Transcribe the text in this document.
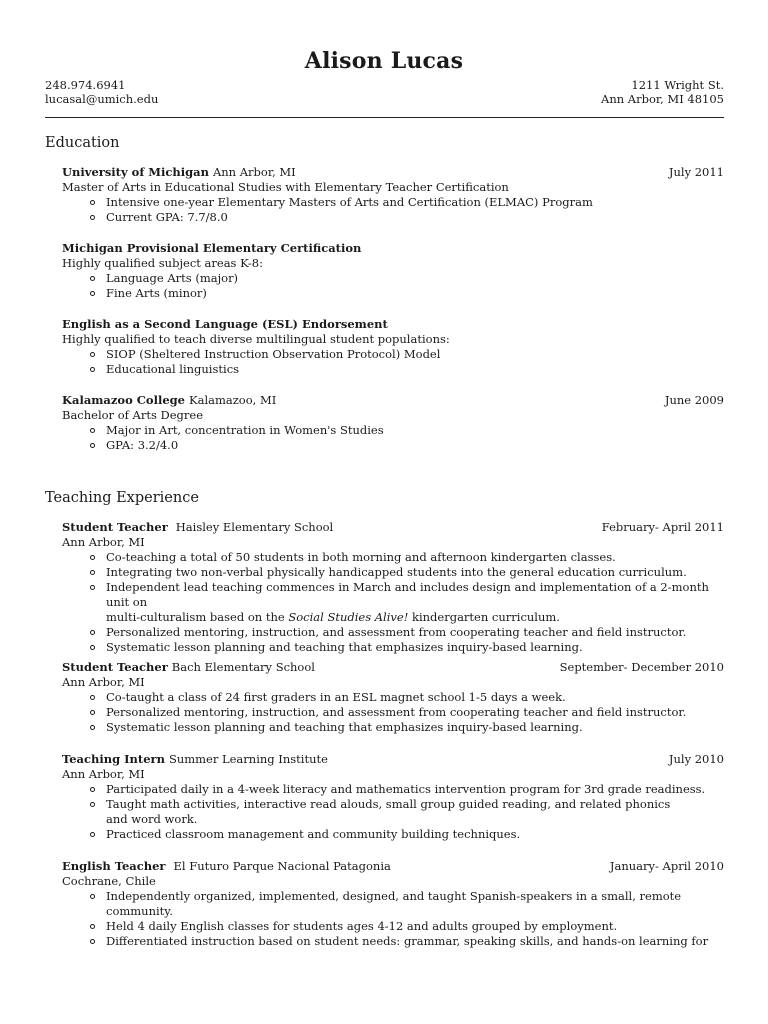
Alison Lucas
248.974.6941
lucasal@umich.edu
1211 Wright St.
Ann Arbor, MI 48105
Education
University of Michigan Ann Arbor, MI	July 2011
Master of Arts in Educational Studies with Elementary Teacher Certification
Intensive one-year Elementary Masters of Arts and Certification (ELMAC) Program
Current GPA: 7.7/8.0
Michigan Provisional Elementary Certification
Highly qualified subject areas K-8:
Language Arts (major)
Fine Arts (minor)
English as a Second Language (ESL) Endorsement
Highly qualified to teach diverse multilingual student populations:
SIOP (Sheltered Instruction Observation Protocol) Model
Educational linguistics
Kalamazoo College Kalamazoo, MI	June 2009
Bachelor of Arts Degree
Major in Art, concentration in Women's Studies
GPA: 3.2/4.0
Teaching Experience
Student Teacher Haisley Elementary School	February- April 2011
Ann Arbor, MI
Co-teaching a total of 50 students in both morning and afternoon kindergarten classes.
Integrating two non-verbal physically handicapped students into the general education curriculum.
Independent lead teaching commences in March and includes design and implementation of a 2-month unit on
multi-culturalism based on the Social Studies Alive! kindergarten curriculum.
Personalized mentoring, instruction, and assessment from cooperating teacher and field instructor.
Systematic lesson planning and teaching that emphasizes inquiry-based learning.
Student Teacher Bach Elementary School	September- December 2010
Ann Arbor, MI
Co-taught a class of 24 first graders in an ESL magnet school 1-5 days a week.
Personalized mentoring, instruction, and assessment from cooperating teacher and field instructor.
Systematic lesson planning and teaching that emphasizes inquiry-based learning.
Teaching Intern Summer Learning Institute	July 2010
Ann Arbor, MI
Participated daily in a 4-week literacy and mathematics intervention program for 3rd grade readiness.
Taught math activities, interactive read alouds, small group guided reading, and related phonics and word work.
Practiced classroom management and community building techniques.
English Teacher El Futuro Parque Nacional Patagonia	January- April 2010
Cochrane, Chile
Independently organized, implemented, designed, and taught Spanish-speakers in a small, remote community.
Held 4 daily English classes for students ages 4-12 and adults grouped by employment.
Differentiated instruction based on student needs: grammar, speaking skills, and hands-on learning for
